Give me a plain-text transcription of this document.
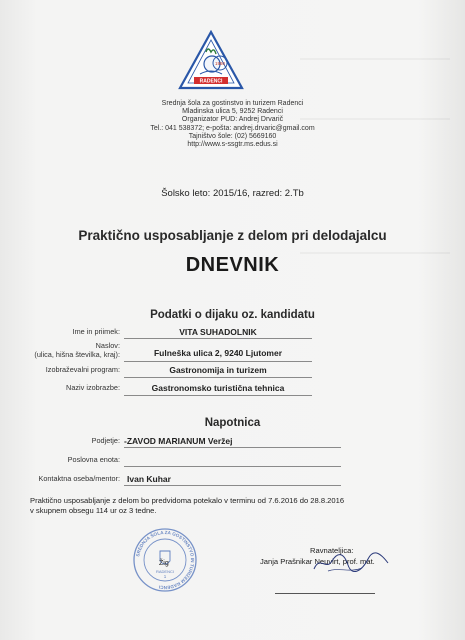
1960
RADENCI
Srednja šola za gostinstvo in turizem Radenci
Mladinska ulica 5, 9252 Radenci
Organizator PUD: Andrej Drvarič
Tel.: 041 538372; e-pošta: andrej.drvaric@gmail.com
Tajništvo šole: (02) 5669160
http://www.s-ssgtr.ms.edus.si
Šolsko leto: 2015/16, razred: 2.Tb
Praktično usposabljanje z delom pri delodajalcu
DNEVNIK
Podatki o dijaku oz. kandidatu
Ime in priimek:	VITA SUHADOLNIK
Naslov:
(ulica, hišna številka, kraj):	Fulneška ulica 2, 9240 Ljutomer
Izobraževalni program:	Gastronomija in turizem
Naziv izobrazbe:	Gastronomsko turistična tehnica
Napotnica
Podjetje: -ZAVOD MARIANUM Veržej
Poslovna enota:
Kontaktna oseba/mentor: Ivan Kuhar
Praktično usposabljanje z delom bo predvidoma potekalo v terminu od 7.6.2016 do 28.8.2016
v skupnem obsegu 114 ur oz 3 tedne.
SREDNJA ŠOLA ZA GOSTINSTVO IN TURIZEM RADENCI
Žig
RADENCI
1
Ravnateljica:
Janja Prašnikar Neuvirt, prof. mat.
